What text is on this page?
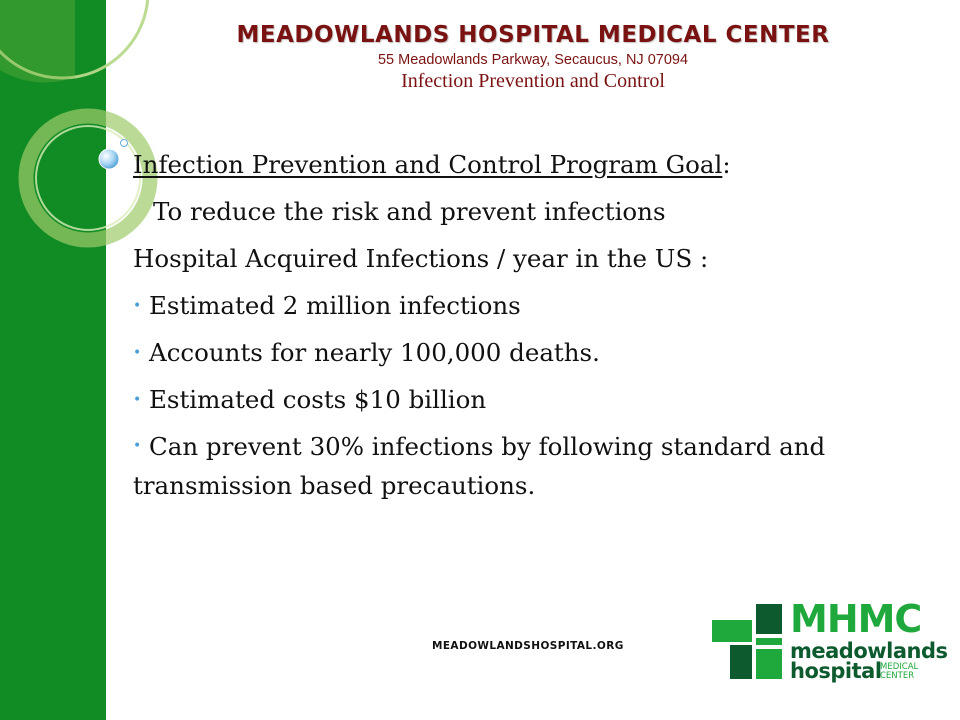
MEADOWLANDS HOSPITAL MEDICAL CENTER
55 Meadowlands Parkway, Secaucus, NJ 07094
Infection Prevention and Control
Infection Prevention and Control Program Goal:
To reduce the risk and prevent infections
Hospital Acquired Infections / year in the US :
• Estimated 2 million infections
• Accounts for nearly 100,000 deaths.
• Estimated costs $10 billion
• Can prevent 30% infections by following standard and transmission based precautions.
MEADOWLANDSHOSPITAL.ORG
MHMC
meadowlands
hospital
MEDICAL
CENTER
